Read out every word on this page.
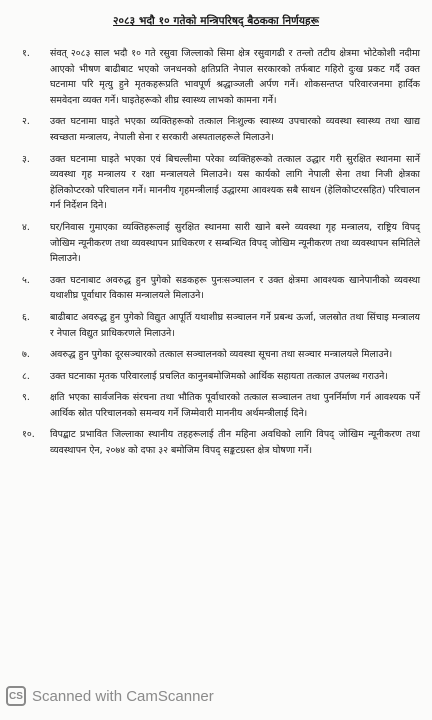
२०८३ भदौ १० गतेको मन्त्रिपरिषद् बैठकका निर्णयहरू
१.	संवत् २०८३ साल भदौ १० गते रसुवा जिल्लाको सिमा क्षेत्र रसुवागढी र तन्लो तटीय क्षेत्रमा भोटेकोशी नदीमा आएको भीषण बाढीबाट भएको जनधनको क्षतिप्रति नेपाल सरकारको तर्फबाट गहिरो दुःख प्रकट गर्दै उक्त घटनामा परि मृत्यु हुने मृतकहरूप्रति भावपूर्ण श्रद्धाञ्जली अर्पण गर्ने। शोकसन्तप्त परिवारजनमा हार्दिक समवेदना व्यक्त गर्ने। घाइतेहरूको शीघ्र स्वास्थ्य लाभको कामना गर्ने।
२.	उक्त घटनामा घाइते भएका व्यक्तिहरूको तत्काल निःशुल्क स्वास्थ्य उपचारको व्यवस्था स्वास्थ्य तथा खाद्य स्वच्छता मन्त्रालय, नेपाली सेना र सरकारी अस्पतालहरूले मिलाउने।
३.	उक्त घटनामा घाइते भएका एवं बिचल्लीमा परेका व्यक्तिहरूको तत्काल उद्धार गरी सुरक्षित स्थानमा सार्ने व्यवस्था गृह मन्त्रालय र रक्षा मन्त्रालयले मिलाउने। यस कार्यको लागि नेपाली सेना तथा निजी क्षेत्रका हेलिकोप्टरको परिचालन गर्ने। माननीय गृहमन्त्रीलाई उद्धारमा आवश्यक सबै साधन (हेलिकोप्टरसहित) परिचालन गर्न निर्देशन दिने।
४.	घर/निवास गुमाएका व्यक्तिहरूलाई सुरक्षित स्थानमा सारी खाने बस्ने व्यवस्था गृह मन्त्रालय, राष्ट्रिय विपद् जोखिम न्यूनीकरण तथा व्यवस्थापन प्राधिकरण र सम्बन्धित विपद् जोखिम न्यूनीकरण तथा व्यवस्थापन समितिले मिलाउने।
५.	उक्त घटनाबाट अवरुद्ध हुन पुगेको सडकहरू पुनःसञ्चालन र उक्त क्षेत्रमा आवश्यक खानेपानीको व्यवस्था यथाशीघ्र पूर्वाधार विकास मन्त्रालयले मिलाउने।
६.	बाढीबाट अवरुद्ध हुन पुगेको विद्युत आपूर्ति यथाशीघ्र सञ्चालन गर्ने प्रबन्ध ऊर्जा, जलस्रोत तथा सिंचाइ मन्त्रालय र नेपाल विद्युत प्राधिकरणले मिलाउने।
७.	अवरुद्ध हुन पुगेका दूरसञ्चारको तत्काल सञ्चालनको व्यवस्था सूचना तथा सञ्चार मन्त्रालयले मिलाउने।
८.	उक्त घटनाका मृतक परिवारलाई प्रचलित कानुनबमोजिमको आर्थिक सहायता तत्काल उपलब्ध गराउने।
९.	क्षति भएका सार्वजनिक संरचना तथा भौतिक पूर्वाधारको तत्काल सञ्चालन तथा पुनर्निर्माण गर्न आवश्यक पर्ने आर्थिक स्रोत परिचालनको समन्वय गर्ने जिम्मेवारी माननीय अर्थमन्त्रीलाई दिने।
१०.	विपद्बाट प्रभावित जिल्लाका स्थानीय तहहरूलाई तीन महिना अवधिको लागि विपद् जोखिम न्यूनीकरण तथा व्यवस्थापन ऐन, २०७४ को दफा ३२ बमोजिम विपद् सङ्कटग्रस्त क्षेत्र घोषणा गर्ने।
CS Scanned with CamScanner
